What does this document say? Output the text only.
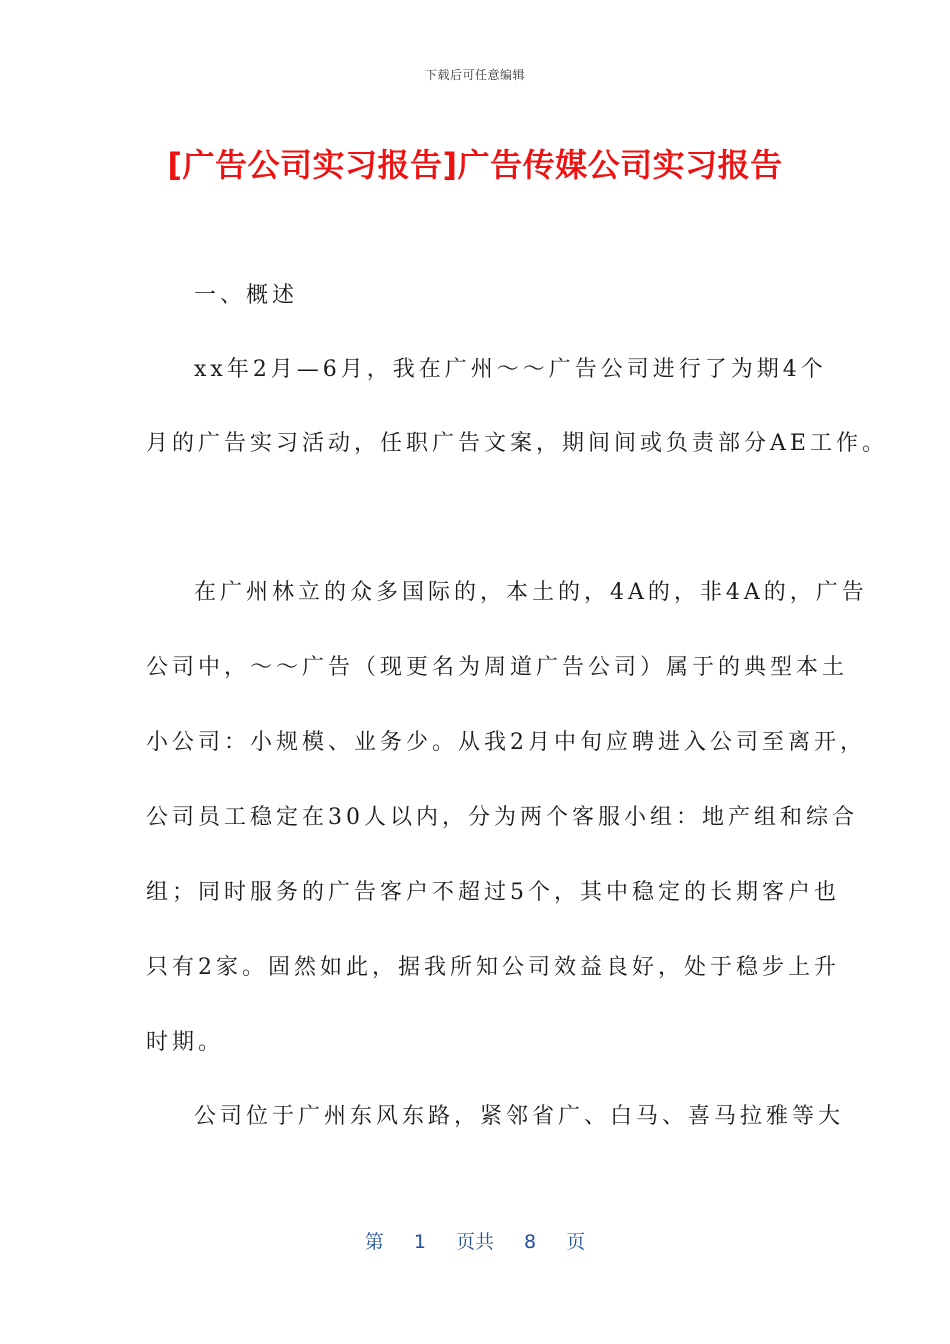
下载后可任意编辑
[广告公司实习报告]广告传媒公司实习报告
一、概述
xx年2月—6月，我在广州～～广告公司进行了为期4个
月的广告实习活动，任职广告文案，期间间或负责部分AE工作。
在广州林立的众多国际的，本土的，4A的，非4A的，广告
公司中，～～广告（现更名为周道广告公司）属于的典型本土
小公司：小规模、业务少。从我2月中旬应聘进入公司至离开，
公司员工稳定在30人以内，分为两个客服小组：地产组和综合
组；同时服务的广告客户不超过5个，其中稳定的长期客户也
只有2家。固然如此，据我所知公司效益良好，处于稳步上升
时期。
公司位于广州东风东路，紧邻省广、白马、喜马拉雅等大
第 1 页共 8 页
